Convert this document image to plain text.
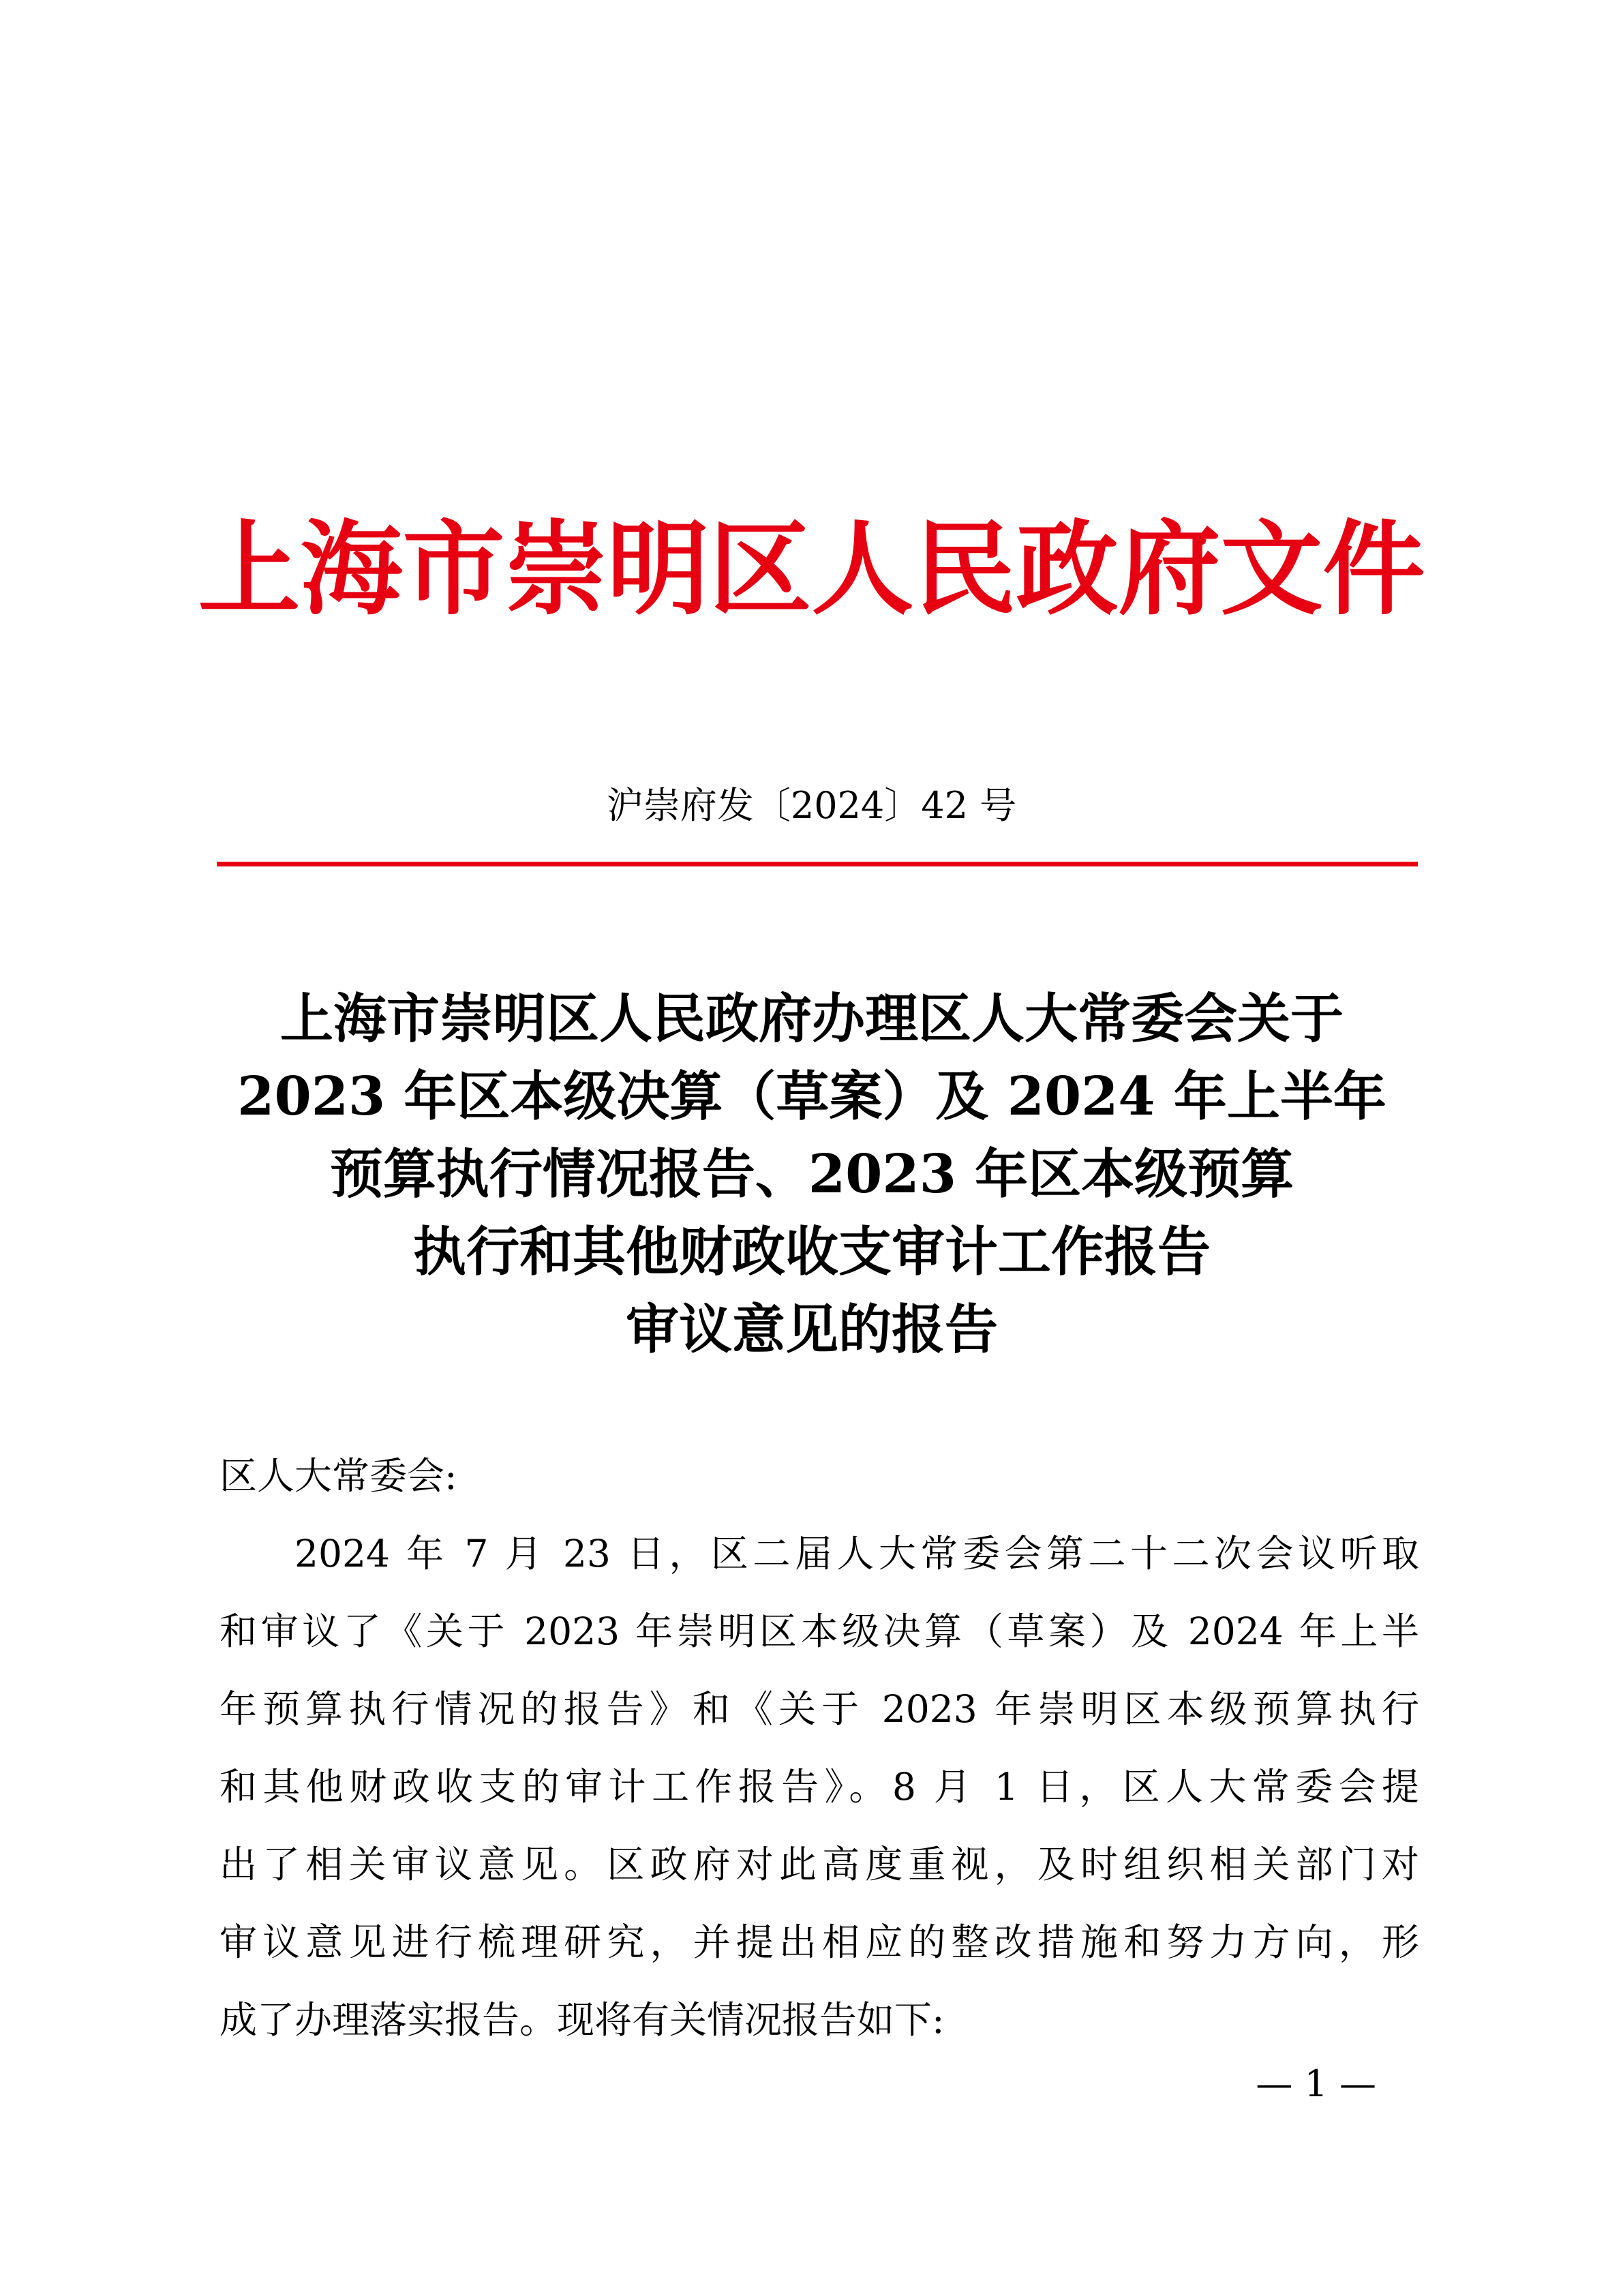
上海市崇明区人民政府文件
沪崇府发〔2024〕42 号
上海市崇明区人民政府办理区人大常委会关于
2023 年区本级决算（草案）及 2024 年上半年
预算执行情况报告、2023 年区本级预算
执行和其他财政收支审计工作报告
审议意见的报告
区人大常委会:
2024 年 7 月 23 日，区二届人大常委会第二十二次会议听取
和审议了《关于 2023 年崇明区本级决算（草案）及 2024 年上半
年预算执行情况的报告》和《关于 2023 年崇明区本级预算执行
和其他财政收支的审计工作报告》。8 月 1 日，区人大常委会提
出了相关审议意见。区政府对此高度重视，及时组织相关部门对
审议意见进行梳理研究，并提出相应的整改措施和努力方向，形
成了办理落实报告。现将有关情况报告如下:
— 1 —
